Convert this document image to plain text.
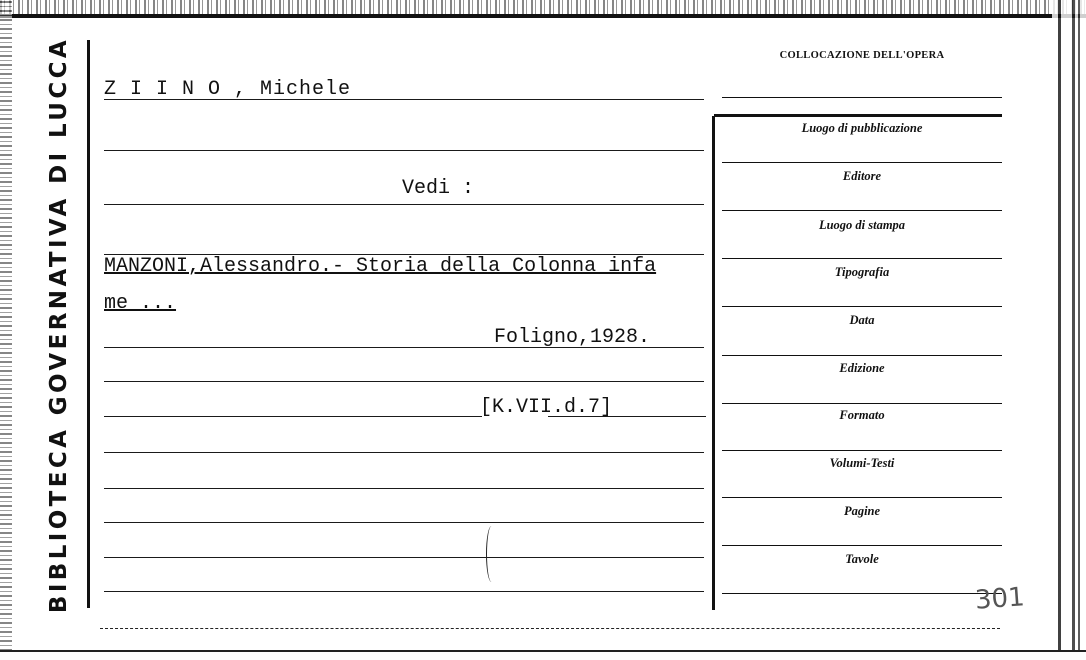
BIBLIOTECA GOVERNATIVA DI LUCCA Z I I N O , Michele
Vedi :
MANZONI,Alessandro.- Storia della Colonna infa
me ...
Foligno,1928.
[K.VII.d.7]
COLLOCAZIONE DELL'OPERA
Luogo di pubblicazione
Editore
Luogo di stampa
Tipografia
Data
Edizione
Formato
Volumi-Testi
Pagine
Tavole
301
